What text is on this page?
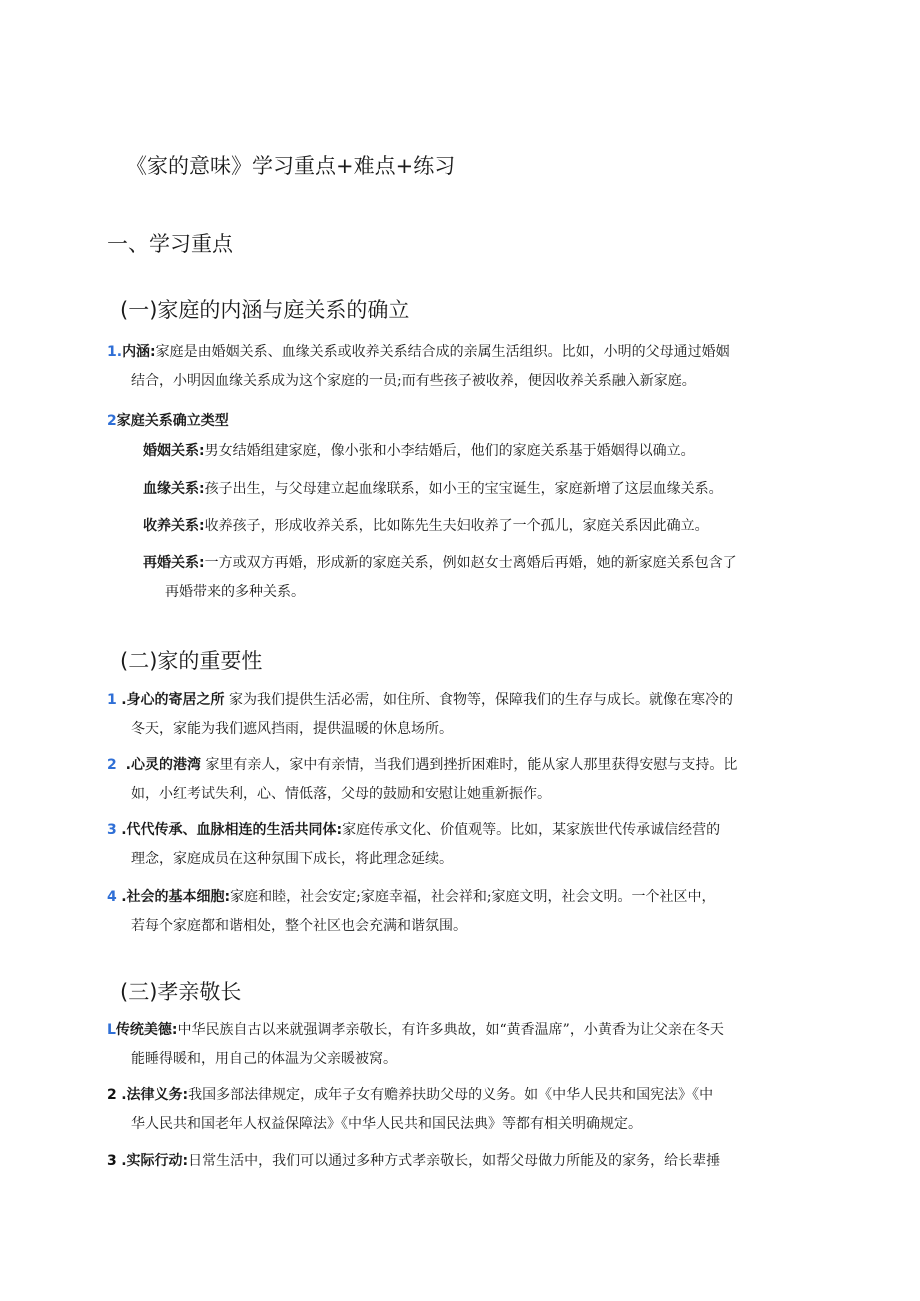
《家的意味》学习重点+难点+练习
一、学习重点
(一)家庭的内涵与庭关系的确立
1.内涵:家庭是由婚姻关系、血缘关系或收养关系结合成的亲属生活组织。比如，小明的父母通过婚姻
结合，小明因血缘关系成为这个家庭的一员;而有些孩子被收养，便因收养关系融入新家庭。
2家庭关系确立类型
婚姻关系:男女结婚组建家庭，像小张和小李结婚后，他们的家庭关系基于婚姻得以确立。
血缘关系:孩子出生，与父母建立起血缘联系，如小王的宝宝诞生，家庭新增了这层血缘关系。
收养关系:收养孩子，形成收养关系，比如陈先生夫妇收养了一个孤儿，家庭关系因此确立。
再婚关系:一方或双方再婚，形成新的家庭关系，例如赵女士离婚后再婚，她的新家庭关系包含了
再婚带来的多种关系。
(二)家的重要性
1 .身心的寄居之所 家为我们提供生活必需，如住所、食物等，保障我们的生存与成长。就像在寒冷的
冬天，家能为我们遮风挡雨，提供温暖的休息场所。
2 .心灵的港湾 家里有亲人，家中有亲情，当我们遇到挫折困难时，能从家人那里获得安慰与支持。比
如，小红考试失利，心、情低落，父母的鼓励和安慰让她重新振作。
3 .代代传承、血脉相连的生活共同体:家庭传承文化、价值观等。比如，某家族世代传承诚信经营的
理念，家庭成员在这种氛围下成长，将此理念延续。
4 .社会的基本细胞:家庭和睦，社会安定;家庭幸福，社会祥和;家庭文明，社会文明。一个社区中，
若每个家庭都和谐相处，整个社区也会充满和谐氛围。
(三)孝亲敬长
L传统美德:中华民族自古以来就强调孝亲敬长，有许多典故，如“黄香温席”，小黄香为让父亲在冬天
能睡得暖和，用自己的体温为父亲暖被窝。
2 .法律义务:我国多部法律规定，成年子女有赡养扶助父母的义务。如《中华人民共和国宪法》《中
华人民共和国老年人权益保障法》《中华人民共和国民法典》等都有相关明确规定。
3 .实际行动:日常生活中，我们可以通过多种方式孝亲敬长，如帮父母做力所能及的家务，给长辈捶
